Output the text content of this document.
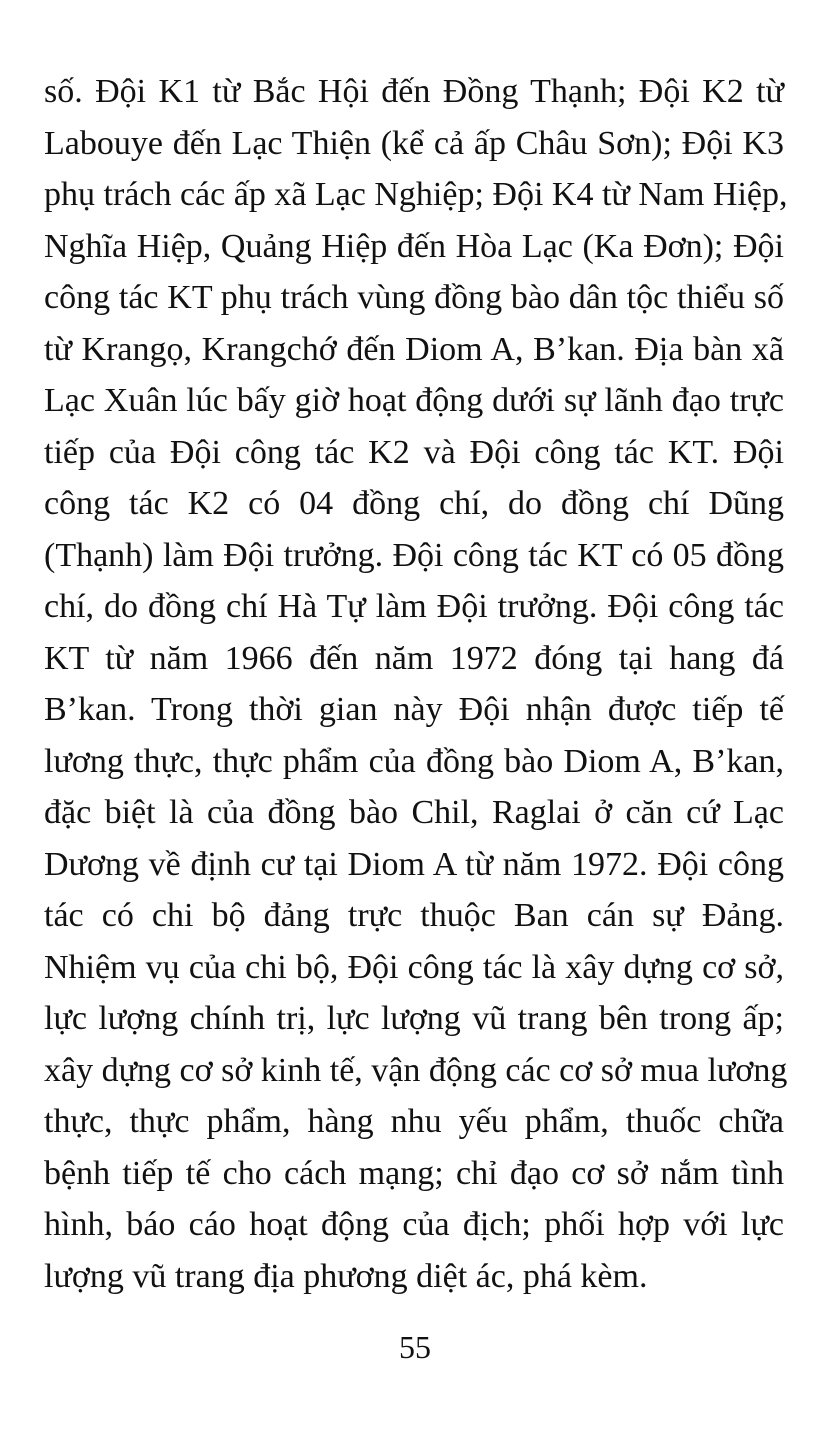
số. Đội K1 từ Bắc Hội đến Đồng Thạnh; Đội K2 từ
Labouye đến Lạc Thiện (kể cả ấp Châu Sơn); Đội K3
phụ trách các ấp xã Lạc Nghiệp; Đội K4 từ Nam Hiệp,
Nghĩa Hiệp, Quảng Hiệp đến Hòa Lạc (Ka Đơn); Đội
công tác KT phụ trách vùng đồng bào dân tộc thiểu số
từ Krangọ, Krangchớ đến Diom A, B’kan. Địa bàn xã
Lạc Xuân lúc bấy giờ hoạt động dưới sự lãnh đạo trực
tiếp của Đội công tác K2 và Đội công tác KT. Đội
công tác K2 có 04 đồng chí, do đồng chí Dũng
(Thạnh) làm Đội trưởng. Đội công tác KT có 05 đồng
chí, do đồng chí Hà Tự làm Đội trưởng. Đội công tác
KT từ năm 1966 đến năm 1972 đóng tại hang đá
B’kan. Trong thời gian này Đội nhận được tiếp tế
lương thực, thực phẩm của đồng bào Diom A, B’kan,
đặc biệt là của đồng bào Chil, Raglai ở căn cứ Lạc
Dương về định cư tại Diom A từ năm 1972. Đội công
tác có chi bộ đảng trực thuộc Ban cán sự Đảng.
Nhiệm vụ của chi bộ, Đội công tác là xây dựng cơ sở,
lực lượng chính trị, lực lượng vũ trang bên trong ấp;
xây dựng cơ sở kinh tế, vận động các cơ sở mua lương
thực, thực phẩm, hàng nhu yếu phẩm, thuốc chữa
bệnh tiếp tế cho cách mạng; chỉ đạo cơ sở nắm tình
hình, báo cáo hoạt động của địch; phối hợp với lực
lượng vũ trang địa phương diệt ác, phá kèm.
55
